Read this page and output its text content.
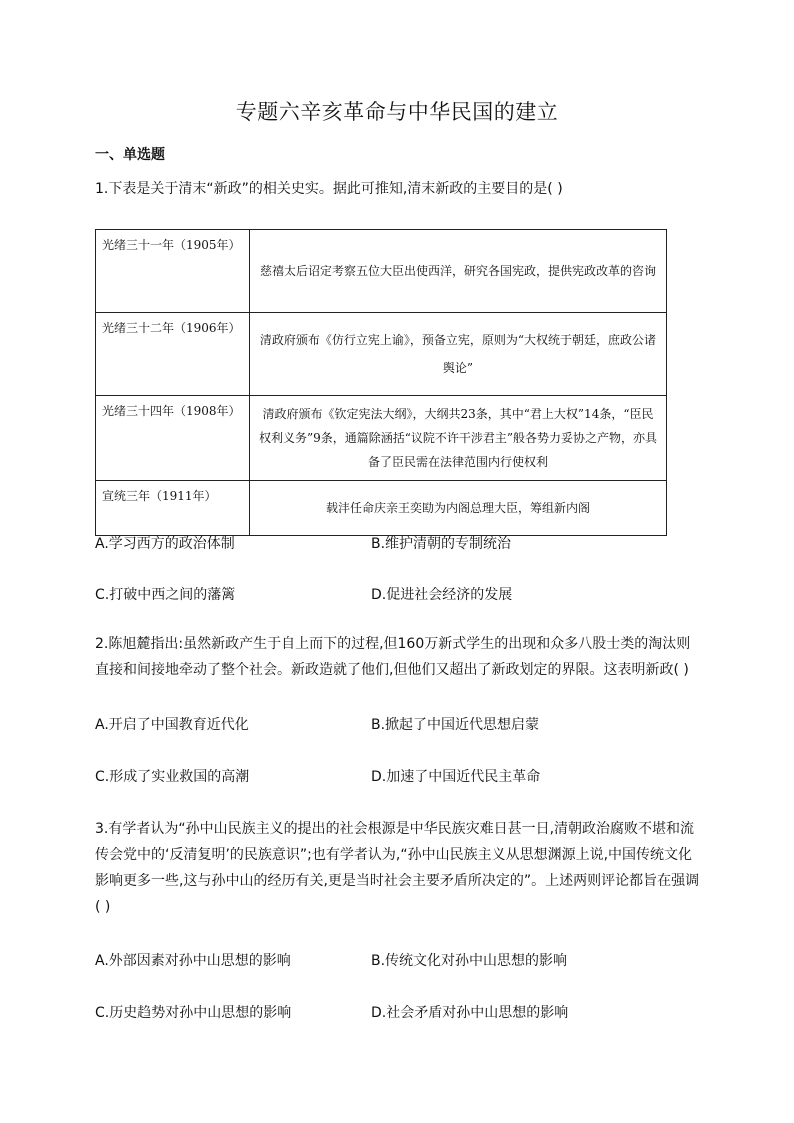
专题六辛亥革命与中华民国的建立
一、单选题
1.下表是关于清末“新政”的相关史实。据此可推知,清末新政的主要目的是( )
光绪三十一年（1905年）	慈禧太后诏定考察五位大臣出使西洋，研究各国宪政，提供宪政改革的咨询

光绪三十二年（1906年）	清政府颁布《仿行立宪上谕》，预备立宪，原则为“大权统于朝廷，庶政公诸舆论”

光绪三十四年（1908年）	清政府颁布《钦定宪法大纲》，大纲共23条，其中“君上大权”14条，“臣民权利义务”9条，通篇除涵括“议院不许干涉君主”般各势力妥协之产物，亦具备了臣民需在法律范围内行使权利

宣统三年（1911年）	载沣任命庆亲王奕劻为内阁总理大臣，筹组新内阁
A.学习西方的政治体制	B.维护清朝的专制统治
C.打破中西之间的藩篱	D.促进社会经济的发展
2.陈旭麓指出:虽然新政产生于自上而下的过程,但160万新式学生的出现和众多八股士类的淘汰则直接和间接地牵动了整个社会。新政造就了他们,但他们又超出了新政划定的界限。这表明新政( )
A.开启了中国教育近代化	B.掀起了中国近代思想启蒙
C.形成了实业救国的高潮	D.加速了中国近代民主革命
3.有学者认为“孙中山民族主义的提出的社会根源是中华民族灾难日甚一日,清朝政治腐败不堪和流传会党中的‘反清复明’的民族意识”;也有学者认为,“孙中山民族主义从思想渊源上说,中国传统文化影响更多一些,这与孙中山的经历有关,更是当时社会主要矛盾所决定的”。上述两则评论都旨在强调( )
A.外部因素对孙中山思想的影响	B.传统文化对孙中山思想的影响
C.历史趋势对孙中山思想的影响	D.社会矛盾对孙中山思想的影响
